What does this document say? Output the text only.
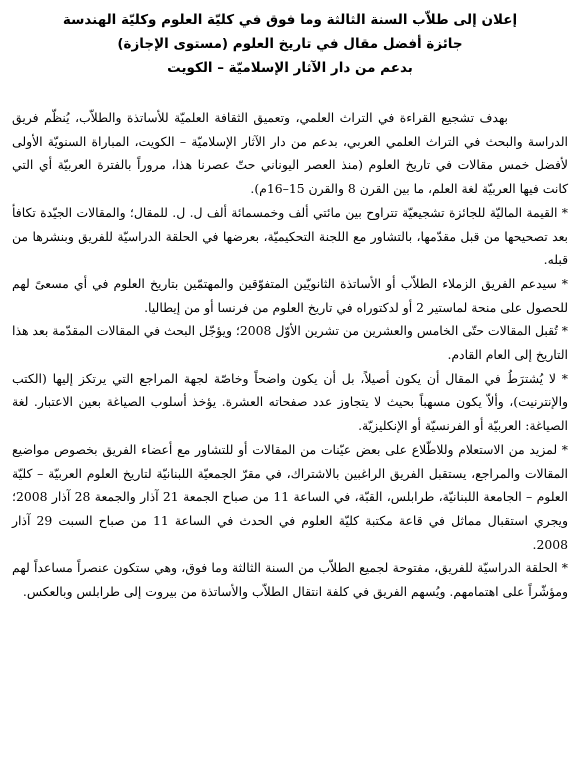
إعلان إلى طلاّب السنة الثالثة وما فوق في كليّة العلوم وكليّة الهندسة

جائزة أفضل مقال في تاريخ العلوم (مستوى الإجازة)

بدعم من دار الآثار الإسلاميّة – الكويت

بهدف تشجيع القراءة في التراث العلمي، وتعميق الثقافة العلميّة للأساتذة والطلاّب، يُنظّم فريق الدراسة والبحث في التراث العلمي العربي، بدعم من دار الآثار الإسلاميّة – الكويت، المباراة السنويّة الأولى لأفضل خمس مقالات في تاريخ العلوم (منذ العصر اليوناني حتّ عصرنا هذا، مروراً بالفترة العربيّة أي التي كانت فيها العربيّة لغة العلم، ما بين القرن 8 والقرن 15–16م).

* القيمة الماليّة للجائزة تشجيعيّة تتراوح بين مائتي ألف وخمسمائة ألف ل. ل. للمقال؛ والمقالات الجيّدة تكافأ بعد تصحيحها من قبل مقدّمها، بالتشاور مع اللجنة التحكيميّة، بعرضها في الحلقة الدراسيّة للفريق وبنشرها من قبله.

* سيدعم الفريق الزملاء الطلاّب أو الأساتذة الثانويّين المتفوّقين والمهتمّين بتاريخ العلوم في أي مسعىً لهم للحصول على منحة لماستير 2 أو لدكتوراه في تاريخ العلوم من فرنسا أو من إيطاليا.

* تُقبل المقالات حتّى الخامس والعشرين من تشرين الأوّل 2008؛ ويؤجّل البحث في المقالات المقدّمة بعد هذا التاريخ إلى العام القادم.

* لا يُشترَطُ في المقال أن يكون أصيلاً، بل أن يكون واضحاً وخاصّة لجهة المراجع التي يرتكز إليها (الكتب والإنترنيت)، وألاّ يكون مسهباً بحيث لا يتجاوز عدد صفحاته العشرة. يؤخذ أسلوب الصياغة بعين الاعتبار. لغة الصياغة: العربيّة أو الفرنسيّة أو الإنكليزيّة.

* لمزيد من الاستعلام وللاطّلاع على بعض عيّنات من المقالات أو للتشاور مع أعضاء الفريق بخصوص مواضيع المقالات والمراجع، يستقبل الفريق الراغبين بالاشتراك، في مقرّ الجمعيّة اللبنانيّة لتاريخ العلوم العربيّة – كليّة العلوم – الجامعة اللبنانيّة، طرابلس، القبّة، في الساعة 11 من صباح الجمعة 21 آذار والجمعة 28 آذار 2008؛ ويجري استقبال مماثل في قاعة مكتبة كليّة العلوم في الحدث في الساعة 11 من صباح السبت 29 آذار 2008.

* الحلقة الدراسيّة للفريق، مفتوحة لجميع الطلاّب من السنة الثالثة وما فوق، وهي ستكون عنصراً مساعداً لهم ومؤشّراً على اهتمامهم. ويُسهم الفريق في كلفة انتقال الطلاّب والأساتذة من بيروت إلى طرابلس وبالعكس.
